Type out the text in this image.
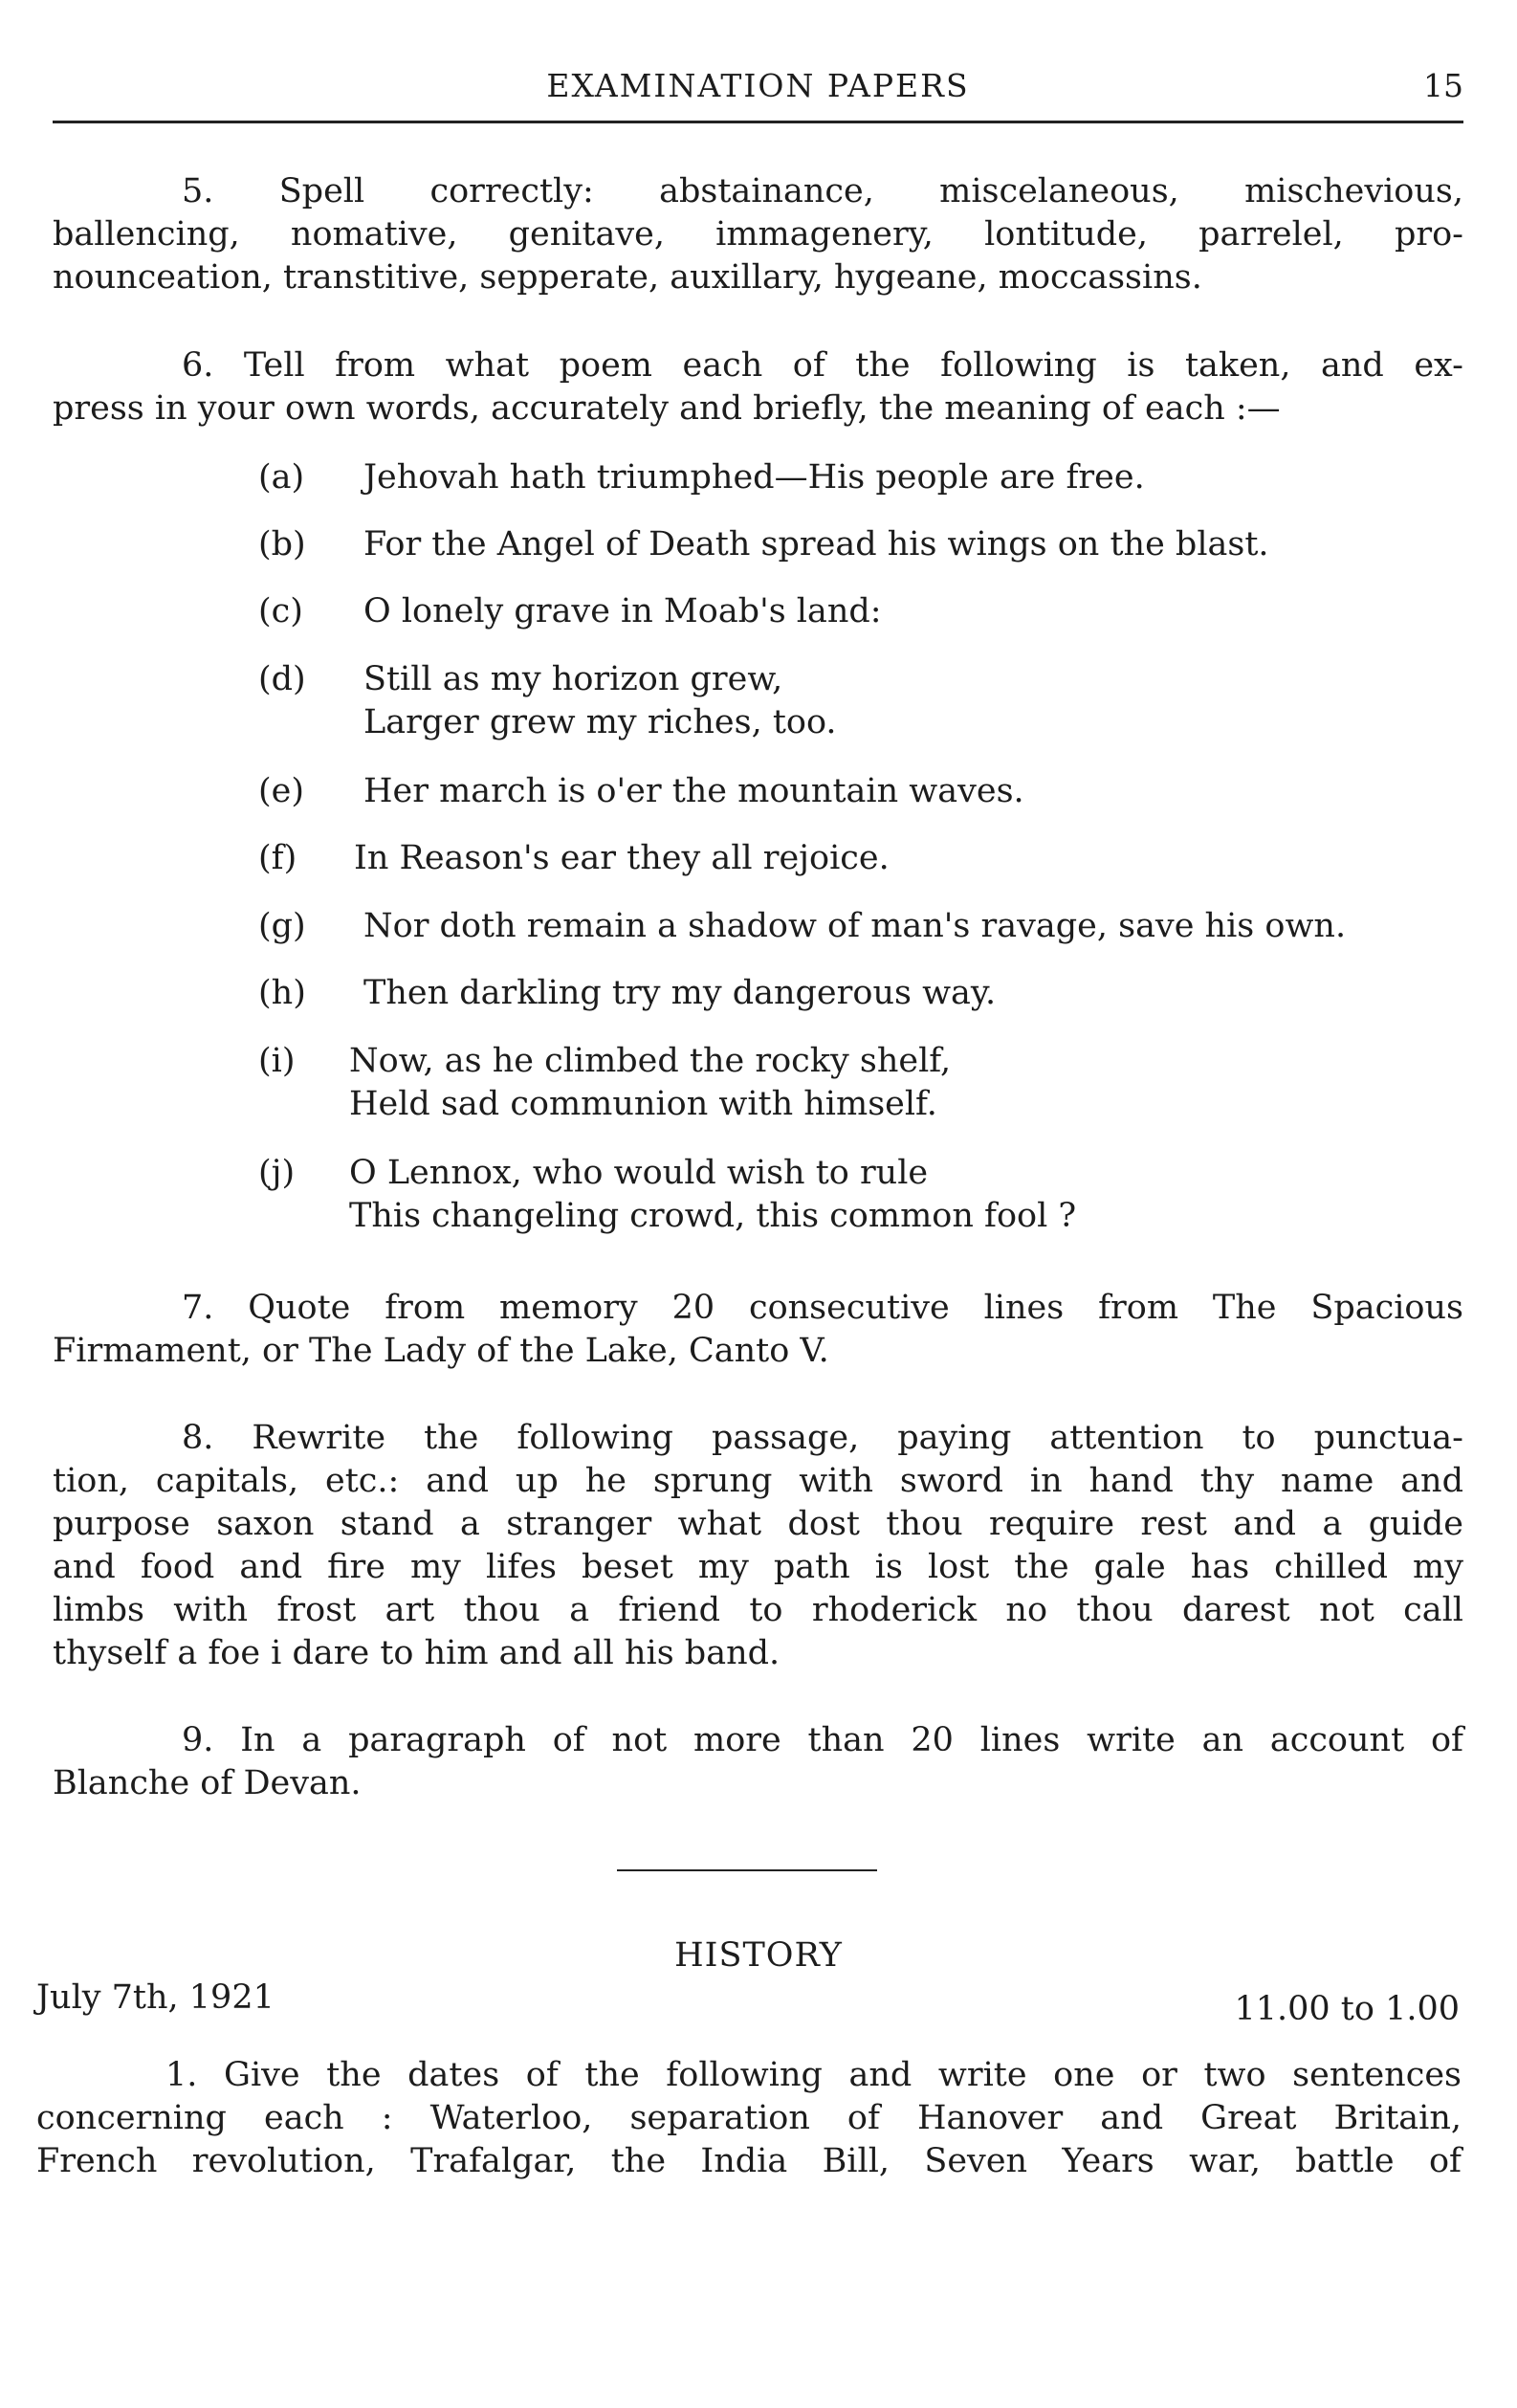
EXAMINATION PAPERS	15
5. Spell correctly: abstainance, miscelaneous, mischevious,
ballencing, nomative, genitave, immagenery, lontitude, parrelel, pro-
nounceation, transtitive, sepperate, auxillary, hygeane, moccassins.
6. Tell from what poem each of the following is taken, and ex-
press in your own words, accurately and briefly, the meaning of each :—
(a) Jehovah hath triumphed—His people are free.
(b) For the Angel of Death spread his wings on the blast.
(c) O lonely grave in Moab's land:
(d) Still as my horizon grew,
Larger grew my riches, too.
(e) Her march is o'er the mountain waves.
(f) In Reason's ear they all rejoice.
(g) Nor doth remain a shadow of man's ravage, save his own.
(h) Then darkling try my dangerous way.
(i) Now, as he climbed the rocky shelf,
Held sad communion with himself.
(j) O Lennox, who would wish to rule
This changeling crowd, this common fool ?
7. Quote from memory 20 consecutive lines from The Spacious
Firmament, or The Lady of the Lake, Canto V.
8. Rewrite the following passage, paying attention to punctua-
tion, capitals, etc.: and up he sprung with sword in hand thy name and
purpose saxon stand a stranger what dost thou require rest and a guide
and food and fire my lifes beset my path is lost the gale has chilled my
limbs with frost art thou a friend to rhoderick no thou darest not call
thyself a foe i dare to him and all his band.
9. In a paragraph of not more than 20 lines write an account of
Blanche of Devan.
HISTORY
July 7th, 1921	11.00 to 1.00
1. Give the dates of the following and write one or two sentences
concerning each : Waterloo, separation of Hanover and Great Britain,
French revolution, Trafalgar, the India Bill, Seven Years war, battle of
